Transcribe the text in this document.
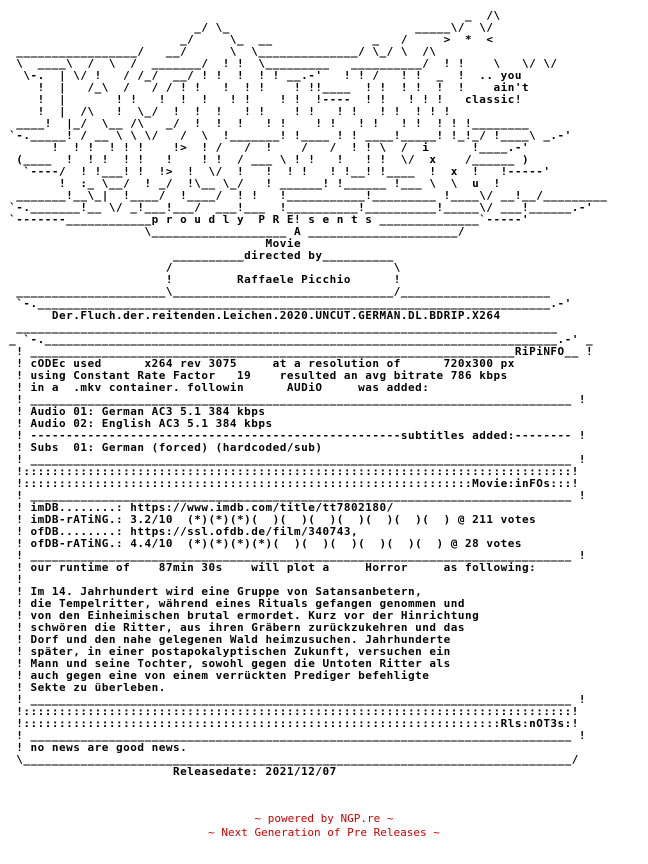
_  /\
_/ \_                          _____\/  \/
_/     \_  __              _   /     >  *  <
_________________/   __/      \  \______________/ \_/ \  /\
\  ____\  /  \  /  _______/  ! !  \_________   __________/  ! !    \   \/ \/
\-.  | \/ !   / /_/  __/ ! !  !  ! ! __.-'   ! ! /   ! !  _  !  .. you
!  |   /_\  /   / / ! !   !  ! !    ! !!____  ! !  ! !  !  !    ain't
!  |       ! !   !  !  !   ! !    ! !  !----  ! !   ! ! !   classic!
!  |  /\   !  \_/  !  !  !   ! !    ! !   ! !   ! !  ! ! !
____!  |_/  \__ /\   _/  !  !  !   ! !    ! !   ! !   ! !  ! ! !________
`-._____! / __ \ \ \/   /  \  !_______! !____ ! ! ____!_____! !_!_/ !____\ _.-'
!  ! !  ! ! !    !>  ! /   /  !    /   /  ! ! \  /  i      !____.-'
(____  !  ! !  ! !   !    ! !  / ___ \ ! !   !   ! !  \/  x    /______ )
`----/  ! !___! !  !>  !  \/  !   !  ! !   ! !__! !____  !  x  !   !-----'
!  :_ \__/  ! _/  !\__ \_/   ! ______! !______ !___ \  \  u  !
_______!__\_|  !____/  !____/  ! !   !___________!_________ !____\/ __!__/_________
`-._______!__ \/ _!___!___/  ___!___  !__________!__________!_____\/ ___!______.-'
`-------____________p r o u d l y  P R E! s e n t s ______________`-----'
\___________________ A _____________________/
Movie
__________directed by__________
/                               \
!         Raffaele Picchio      !
_____________________\_______________________________/_____________________
`-.________________________________________________________________________.-'
Der.Fluch.der.reitenden.Leichen.2020.UNCUT.GERMAN.DL.BDRIP.X264
____________________________________________________________________________
_ `-.________________________________________________________________________.-' _
! ____________________________________________________________________RiPiNFO__ !
! cODEc used      x264 rev 3075     at a resolution of      720x300 px
! using Constant Rate Factor   19    resulted an avg bitrate 786 kbps
! in a  .mkv container. followin      AUDiO     was added:
! ____________________________________________________________________________ !
! Audio 01: German AC3 5.1 384 kbps
! Audio 02: English AC3 5.1 384 kbps
! ----------------------------------------------------subtitles added:-------- !
! Subs  01: German (forced) (hardcoded/sub)
! ____________________________________________________________________________ !
!:::::::::::::::::::::::::::::::::::::::::::::::::::::::::::::::::::::::::::::!
!:::::::::::::::::::::::::::::::::::::::::::::::::::::::::::::::Movie:inFOs:::!
! ____________________________________________________________________________ !
! imDB........: https://www.imdb.com/title/tt7802180/
! imDB-rATiNG.: 3.2/10  (*)(*)(*)(  )(  )(  )(  )(  )(  )(  ) @ 211 votes
! ofDB........: https://ssl.ofdb.de/film/340743,
! ofDB-rATiNG.: 4.4/10  (*)(*)(*)(*)(  )(  )(  )(  )(  )(  ) @ 28 votes
! ____________________________________________________________________________ !
! our runtime of    87min 30s    will plot a     Horror     as following:
!
! Im 14. Jahrhundert wird eine Gruppe von Satansanbetern,
! die Tempelritter, während eines Rituals gefangen genommen und
! von den Einheimischen brutal ermordet. Kurz vor der Hinrichtung
! schwören die Ritter, aus ihren Gräbern zurückzukehren und das
! Dorf und den nahe gelegenen Wald heimzusuchen. Jahrhunderte
! später, in einer postapokalyptischen Zukunft, versuchen ein
! Mann und seine Tochter, sowohl gegen die Untoten Ritter als
! auch gegen eine von einem verrückten Prediger befehligte
! Sekte zu überleben.
! ____________________________________________________________________________ !
!:::::::::::::::::::::::::::::::::::::::::::::::::::::::::::::::::::::::::::::!
!:::::::::::::::::::::::::::::::::::::::::::::::::::::::::::::::::::Rls:nOT3s:!
! ____________________________________________________________________________ !
! no news are good news.
\_____________________________________________________________________________/
Releasedate: 2021/12/07
~ powered by NGP.re ~
~ Next Generation of Pre Releases ~
